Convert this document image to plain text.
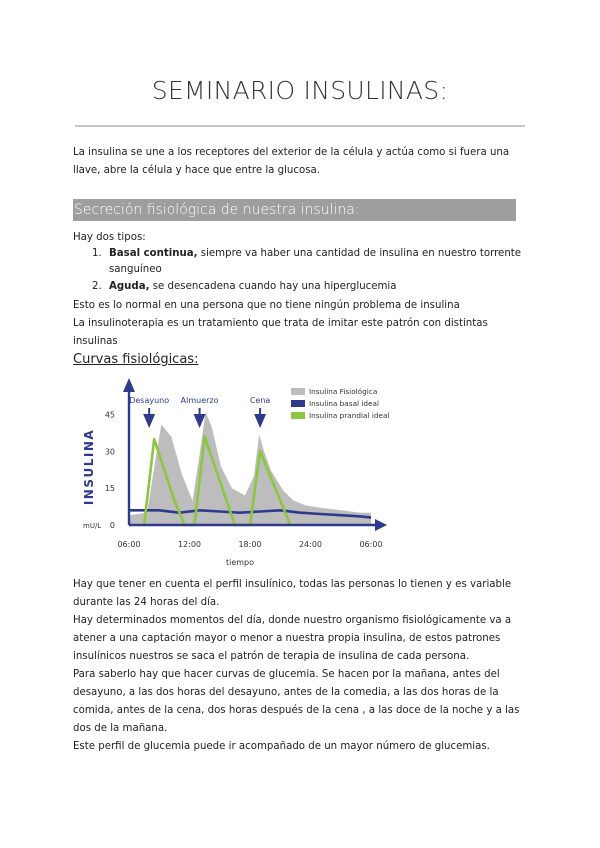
SEMINARIO INSULINAS:
La insulina se une a los receptores del exterior de la célula y actúa como si fuera una llave, abre la célula y hace que entre la glucosa.
Secreción fisiológica de nuestra insulina:
Hay dos tipos:
1. Basal continua, siempre va haber una cantidad de insulina en nuestro torrente sanguíneo
2. Aguda, se desencadena cuando hay una hiperglucemia
Esto es lo normal en una persona que no tiene ningún problema de insulina
La insulinoterapia es un tratamiento que trata de imitar este patrón con distintas insulinas
Curvas fisiológicas:
0
15
30
45
mU/L
INSULINA
06:00	12:00	18:00	24:00	06:00
tiempo
Desayuno Almuerzo	Cena
Insulina Fisiológica
Insulina basal ideal
Insulina prandial ideal
Hay que tener en cuenta el perfil insulínico, todas las personas lo tienen y es variable durante las 24 horas del día.
Hay determinados momentos del día, donde nuestro organismo fisiológicamente va a atener a una captación mayor o menor a nuestra propia insulina, de estos patrones insulínicos nuestros se saca el patrón de terapia de insulina de cada persona.
Para saberlo hay que hacer curvas de glucemia. Se hacen por la mañana, antes del desayuno, a las dos horas del desayuno, antes de la comedia, a las dos horas de la comida, antes de la cena, dos horas después de la cena , a las doce de la noche y a las dos de la mañana.
Este perfil de glucemia puede ir acompañado de un mayor número de glucemias.
